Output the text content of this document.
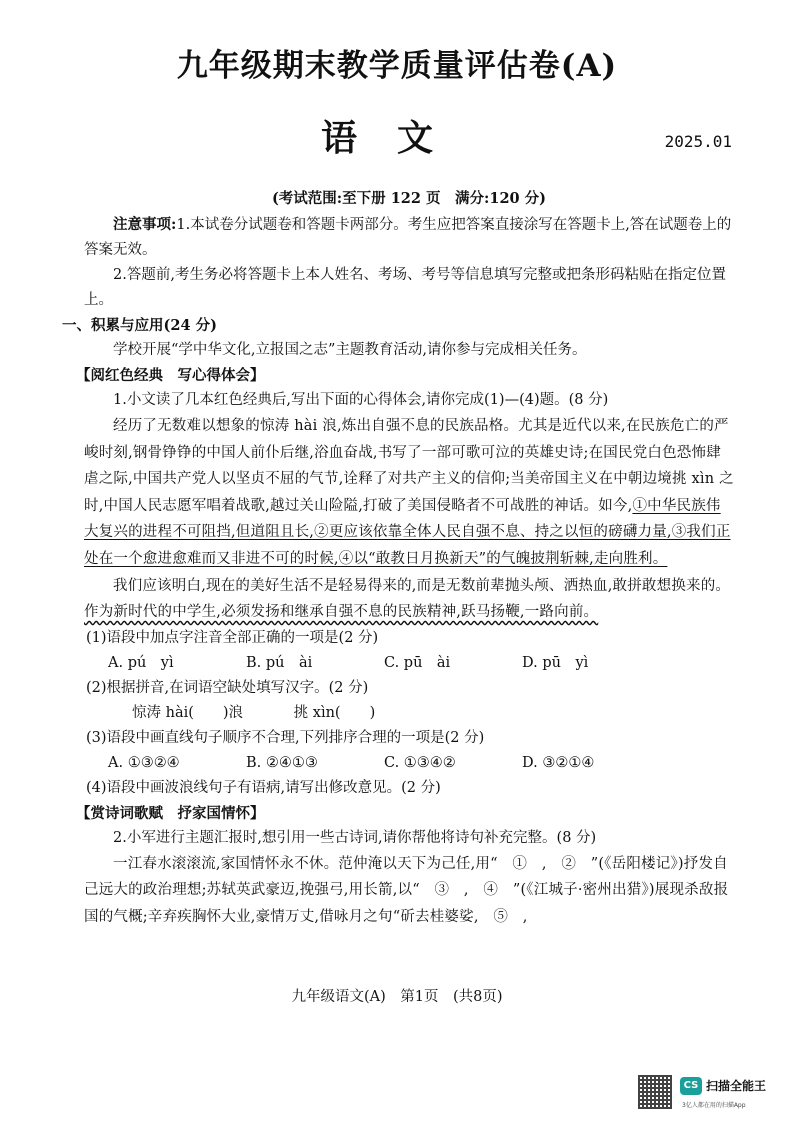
九年级期末教学质量评估卷(A)
语文	2025.01

(考试范围:至下册 122 页　满分:120 分)

注意事项:1.本试卷分试题卷和答题卡两部分。考生应把答案直接涂写在答题卡上,答在试题卷上的答案无效。

2.答题前,考生务必将答题卡上本人姓名、考场、考号等信息填写完整或把条形码粘贴在指定位置上。

一、积累与应用(24 分)

学校开展“学中华文化,立报国之志”主题教育活动,请你参与完成相关任务。

【阅红色经典　写心得体会】

1.小文读了几本红色经典后,写出下面的心得体会,请你完成(1)—(4)题。(8 分)

经历了无数难以想象的惊涛 hài 浪,炼出自强不息的民族品格。尤其是近代以来,在民族危亡的严峻时刻,钢骨铮铮的中国人前仆后继,浴血奋战,书写了一部可歌可泣的英雄史诗;在国民党白色恐怖肆虐之际,中国共产党人以坚贞不屈的气节,诠释了对共产主义的信仰;当美帝国主义在中朝边境挑 xìn 之时,中国人民志愿军唱着战歌,越过关山险隘,打破了美国侵略者不可战胜的神话。如今,①中华民族伟大复兴的进程不可阻挡,但道阻且长,②更应该依靠全体人民自强不息、持之以恒的磅礴力量,③我们正处在一个愈进愈难而又非进不可的时候,④以“敢教日月换新天”的气魄披荆斩棘,走向胜利。

我们应该明白,现在的美好生活不是轻易得来的,而是无数前辈抛头颅、洒热血,敢拼敢想换来的。作为新时代的中学生,必须发扬和继承自强不息的民族精神,跃马扬鞭,一路向前。

(1)语段中加点字注音全部正确的一项是(2 分)

A. pú　yì	B. pú　ài	C. pū　ài	D. pū　yì

(2)根据拼音,在词语空缺处填写汉字。(2 分)

惊涛 hài(　　)浪	挑 xìn(　　)

(3)语段中画直线句子顺序不合理,下列排序合理的一项是(2 分)

A. ①③②④	B. ②④①③	C. ①③④②	D. ③②①④

(4)语段中画波浪线句子有语病,请写出修改意见。(2 分)

【赏诗词歌赋　抒家国情怀】

2.小军进行主题汇报时,想引用一些古诗词,请你帮他将诗句补充完整。(8 分)

一江春水滚滚流,家国情怀永不休。范仲淹以天下为己任,用“　①　,　②　”(《岳阳楼记》)抒发自己远大的政治理想;苏轼英武豪迈,挽强弓,用长箭,以“　③　,　④　”(《江城子·密州出猎》)展现杀敌报国的气概;辛弃疾胸怀大业,豪情万丈,借咏月之句“斫去桂婆娑,　⑤　,

九年级语文(A)　第1页　(共8页)
CS 扫描全能王
3亿人都在用的扫描App
